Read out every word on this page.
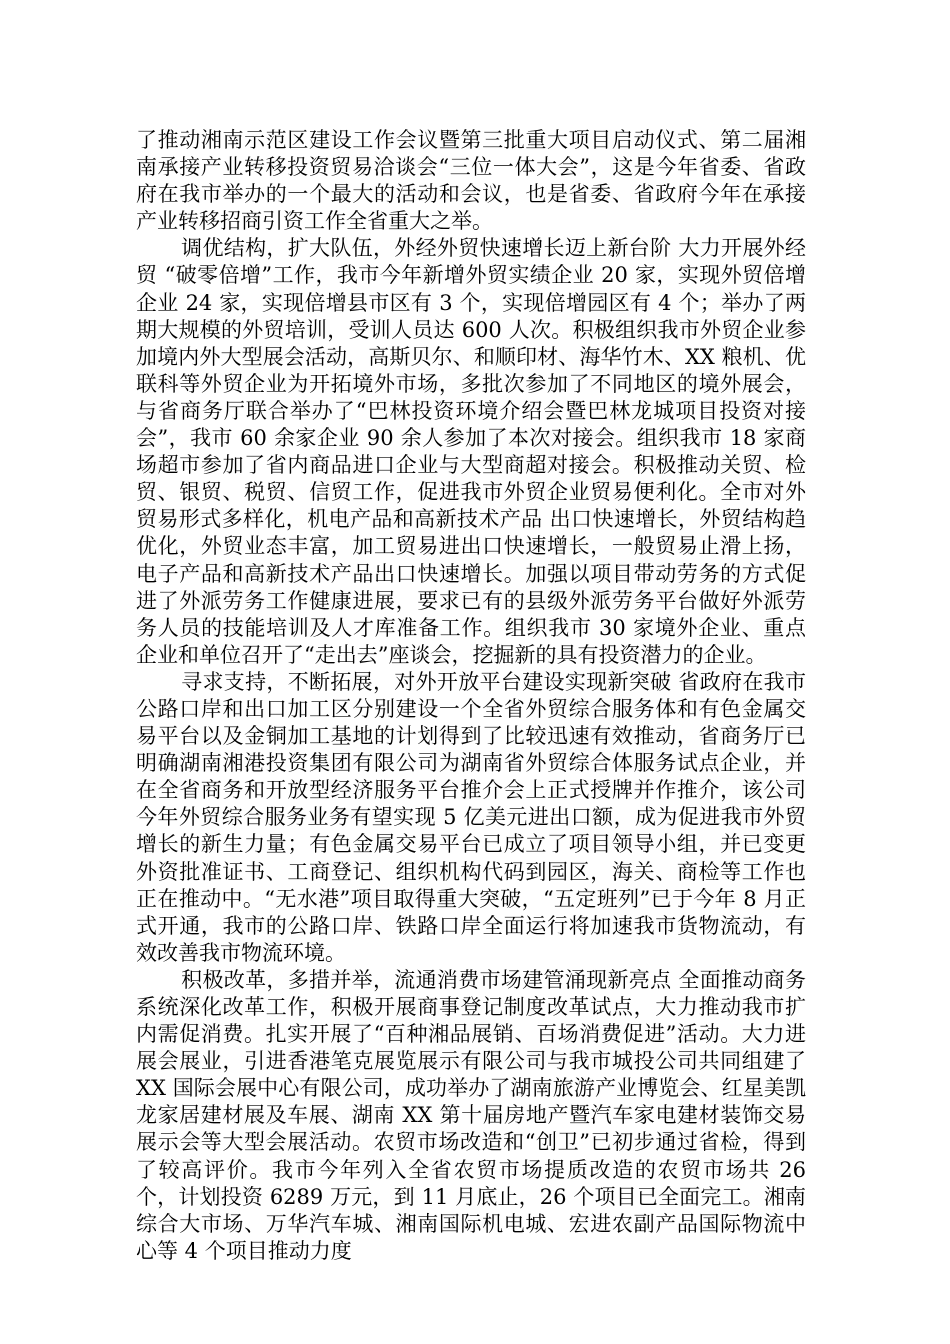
了推动湘南示范区建设工作会议暨第三批重大项目启动仪式、第二届湘南承接产业转移投资贸易洽谈会“三位一体大会”，这是今年省委、省政府在我市举办的一个最大的活动和会议，也是省委、省政府今年在承接产业转移招商引资工作全省重大之举。

调优结构，扩大队伍，外经外贸快速增长迈上新台阶 大力开展外经贸 “破零倍增”工作，我市今年新增外贸实绩企业 20 家，实现外贸倍增企业 24 家，实现倍增县市区有 3 个，实现倍增园区有 4 个；举办了两期大规模的外贸培训，受训人员达 600 人次。积极组织我市外贸企业参加境内外大型展会活动，高斯贝尔、和顺印材、海华竹木、XX 粮机、优联科等外贸企业为开拓境外市场，多批次参加了不同地区的境外展会，与省商务厅联合举办了“巴林投资环境介绍会暨巴林龙城项目投资对接会”，我市 60 余家企业 90 余人参加了本次对接会。组织我市 18 家商场超市参加了省内商品进口企业与大型商超对接会。积极推动关贸、检贸、银贸、税贸、信贸工作，促进我市外贸企业贸易便利化。全市对外贸易形式多样化，机电产品和高新技术产品 出口快速增长，外贸结构趋优化，外贸业态丰富，加工贸易进出口快速增长，一般贸易止滑上扬，电子产品和高新技术产品出口快速增长。加强以项目带动劳务的方式促进了外派劳务工作健康进展，要求已有的县级外派劳务平台做好外派劳务人员的技能培训及人才库准备工作。组织我市 30 家境外企业、重点企业和单位召开了“走出去”座谈会，挖掘新的具有投资潜力的企业。

寻求支持，不断拓展，对外开放平台建设实现新突破 省政府在我市公路口岸和出口加工区分别建设一个全省外贸综合服务体和有色金属交易平台以及金铜加工基地的计划得到了比较迅速有效推动，省商务厅已明确湖南湘港投资集团有限公司为湖南省外贸综合体服务试点企业，并在全省商务和开放型经济服务平台推介会上正式授牌并作推介，该公司今年外贸综合服务业务有望实现 5 亿美元进出口额，成为促进我市外贸增长的新生力量；有色金属交易平台已成立了项目领导小组，并已变更外资批准证书、工商登记、组织机构代码到园区，海关、商检等工作也正在推动中。“无水港”项目取得重大突破，“五定班列”已于今年 8 月正式开通，我市的公路口岸、铁路口岸全面运行将加速我市货物流动，有效改善我市物流环境。

积极改革，多措并举，流通消费市场建管涌现新亮点 全面推动商务系统深化改革工作，积极开展商事登记制度改革试点，大力推动我市扩内需促消费。扎实开展了“百种湘品展销、百场消费促进”活动。大力进展会展业，引进香港笔克展览展示有限公司与我市城投公司共同组建了 XX 国际会展中心有限公司，成功举办了湖南旅游产业博览会、红星美凯龙家居建材展及车展、湖南 XX 第十届房地产暨汽车家电建材装饰交易展示会等大型会展活动。农贸市场改造和“创卫”已初步通过省检，得到了较高评价。我市今年列入全省农贸市场提质改造的农贸市场共 26 个，计划投资 6289 万元，到 11 月底止，26 个项目已全面完工。湘南综合大市场、万华汽车城、湘南国际机电城、宏进农副产品国际物流中心等 4 个项目推动力度
